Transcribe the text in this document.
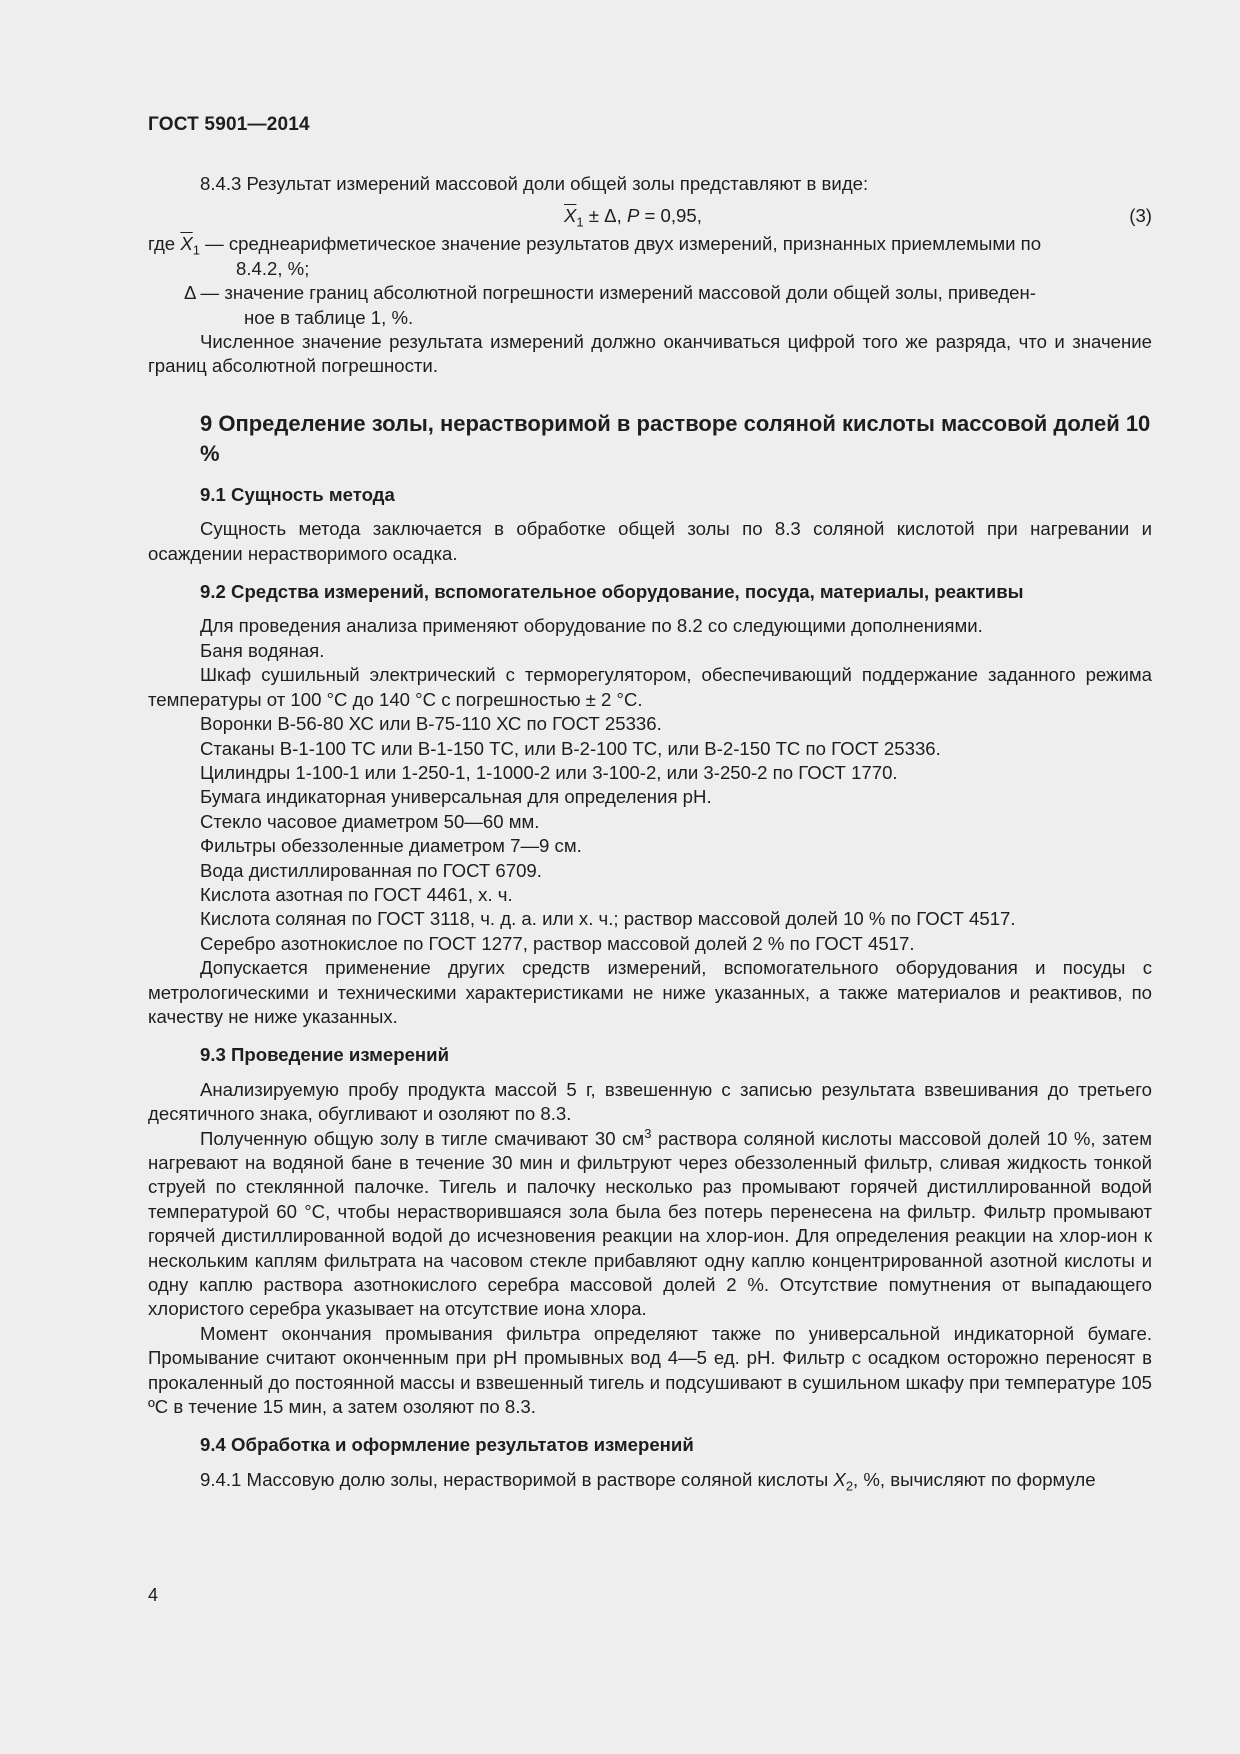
ГОСТ 5901—2014

8.4.3 Результат измерений массовой доли общей золы представляют в виде:

$\overline{X}_1 \pm \Delta$, P = 0,95,	(3)

где $\overline{X}_1$ — среднеарифметическое значение результатов двух измерений, признанных приемлемыми по

8.4.2, %;

Δ — значение границ абсолютной погрешности измерений массовой доли общей золы, приведен-

ное в таблице 1, %.

Численное значение результата измерений должно оканчиваться цифрой того же разряда, что и значение границ абсолютной погрешности.

9 Определение золы, нерастворимой в растворе соляной кислоты массовой долей 10 %
9.1 Сущность метода

Сущность метода заключается в обработке общей золы по 8.3 соляной кислотой при нагревании и осаждении нерастворимого осадка.

9.2 Средства измерений, вспомогательное оборудование, посуда, материалы, реактивы

Для проведения анализа применяют оборудование по 8.2 со следующими дополнениями.

Баня водяная.

Шкаф сушильный электрический с терморегулятором, обеспечивающий поддержание заданного режима температуры от 100 °С до 140 °С с погрешностью ± 2 °С.

Воронки В-56-80 ХС или В-75-110 ХС по ГОСТ 25336.

Стаканы В-1-100 ТС или В-1-150 ТС, или В-2-100 ТС, или В-2-150 ТС по ГОСТ 25336.

Цилиндры 1-100-1 или 1-250-1, 1-1000-2 или 3-100-2, или 3-250-2 по ГОСТ 1770.

Бумага индикаторная универсальная для определения рН.

Стекло часовое диаметром 50—60 мм.

Фильтры обеззоленные диаметром 7—9 см.

Вода дистиллированная по ГОСТ 6709.

Кислота азотная по ГОСТ 4461, х. ч.

Кислота соляная по ГОСТ 3118, ч. д. а. или х. ч.; раствор массовой долей 10 % по ГОСТ 4517.

Серебро азотнокислое по ГОСТ 1277, раствор массовой долей 2 % по ГОСТ 4517.

Допускается применение других средств измерений, вспомогательного оборудования и посуды с метрологическими и техническими характеристиками не ниже указанных, а также материалов и реактивов, по качеству не ниже указанных.

9.3 Проведение измерений

Анализируемую пробу продукта массой 5 г, взвешенную с записью результата взвешивания до третьего десятичного знака, обугливают и озоляют по 8.3.

Полученную общую золу в тигле смачивают 30 $см^3$ раствора соляной кислоты массовой долей 10 %, затем нагревают на водяной бане в течение 30 мин и фильтруют через обеззоленный фильтр, сливая жидкость тонкой струей по стеклянной палочке. Тигель и палочку несколько раз промывают горячей дистиллированной водой температурой 60 °С, чтобы нерастворившаяся зола была без потерь перенесена на фильтр. Фильтр промывают горячей дистиллированной водой до исчезновения реакции на хлор-ион. Для определения реакции на хлор-ион к нескольким каплям фильтрата на часовом стекле прибавляют одну каплю концентрированной азотной кислоты и одну каплю раствора азотнокислого серебра массовой долей 2 %. Отсутствие помутнения от выпадающего хлористого серебра указывает на отсутствие иона хлора.

Момент окончания промывания фильтра определяют также по универсальной индикаторной бумаге. Промывание считают оконченным при рН промывных вод 4—5 ед. рН. Фильтр с осадком осторожно переносят в прокаленный до постоянной массы и взвешенный тигель и подсушивают в сушильном шкафу при температуре 105 ºС в течение 15 мин, а затем озоляют по 8.3.

9.4 Обработка и оформление результатов измерений

9.4.1 Массовую долю золы, нерастворимой в растворе соляной кислоты $X_2$, %, вычисляют по формуле

4
